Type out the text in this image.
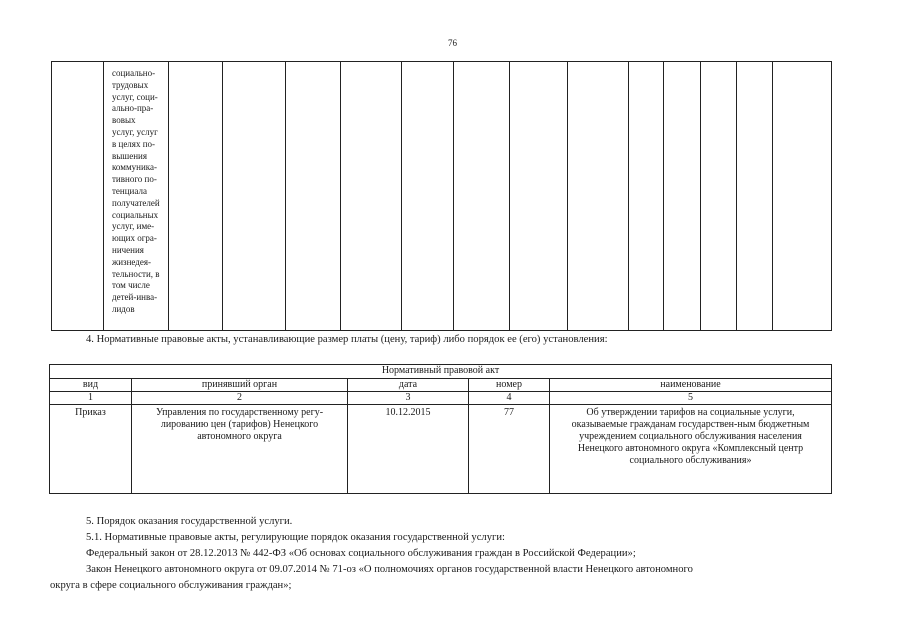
76

социально-
трудовых
услуг, соци-
ально-пра-
вовых
услуг, услуг
в целях по-
вышения
коммуника-
тивного по-
тенциала
получателей
социальных
услуг, име-
ющих огра-
ничения
жизнедея-
тельности, в
том числе
детей-инва-
лидов

4. Нормативные правовые акты, устанавливающие размер платы (цену, тариф) либо порядок ее (его) установления:
Нормативный правовой акт				
вид	принявший орган	дата	номер	наименование
1	2	3	4	5
Приказ	Управления по государственному регу-лированию цен (тарифов) Ненецкого автономного округа	10.12.2015	77	Об утверждении тарифов на социальные услуги, оказываемые гражданам государствен-ным бюджетным учреждением социального обслуживания населения Ненецкого автономного округа «Комплексный центр социального обслуживания»
5. Порядок оказания государственной услуги.
5.1. Нормативные правовые акты, регулирующие порядок оказания государственной услуги:
Федеральный закон от 28.12.2013 № 442-ФЗ «Об основах социального обслуживания граждан в Российской Федерации»;
Закон Ненецкого автономного округа от 09.07.2014 № 71-оз «О полномочиях органов государственной власти Ненецкого автономного
округа в сфере социального обслуживания граждан»;
